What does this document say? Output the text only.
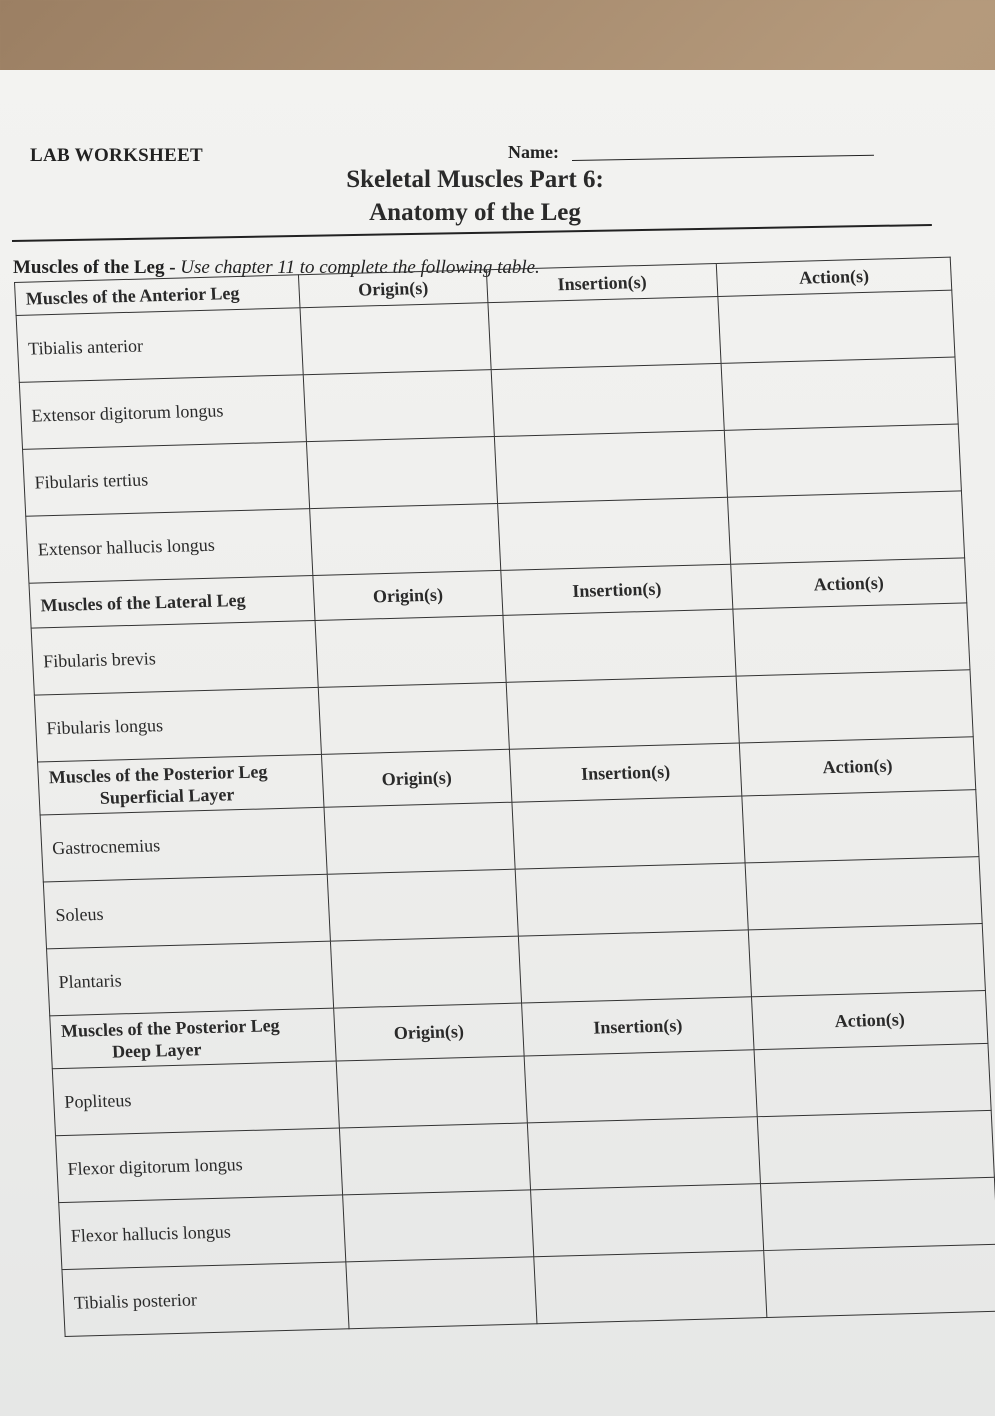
LAB WORKSHEET	Name:
Skeletal Muscles Part 6:
Anatomy of the Leg
Muscles of the Leg - Use chapter 11 to complete the following table.
Muscles of the Anterior Leg	Origin(s)	Insertion(s)	Action(s)
Tibialis anterior			
Extensor digitorum longus			
Fibularis tertius			
Extensor hallucis longus			
Muscles of the Lateral Leg	Origin(s)	Insertion(s)	Action(s)
Fibularis brevis			
Fibularis longus			
Muscles of the Posterior Leg
Superficial Layer	Origin(s)	Insertion(s)	Action(s)
Gastrocnemius			
Soleus			
Plantaris			
Muscles of the Posterior Leg
Deep Layer	Origin(s)	Insertion(s)	Action(s)
Popliteus			
Flexor digitorum longus			
Flexor hallucis longus			
Tibialis posterior			
